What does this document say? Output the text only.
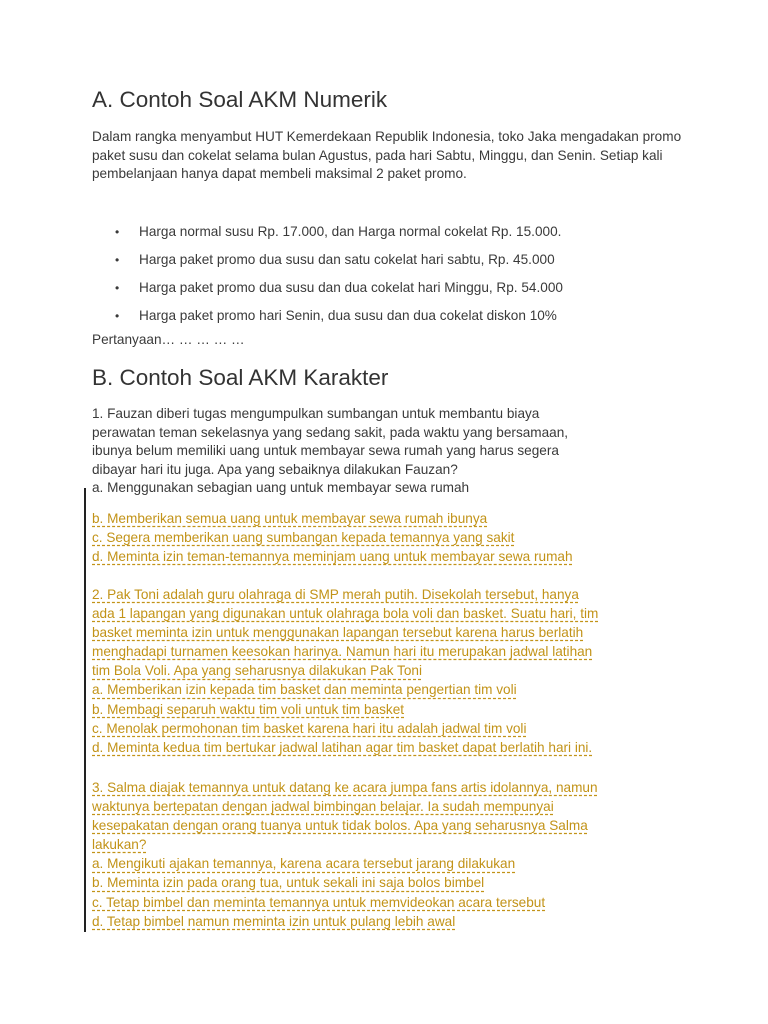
A. Contoh Soal AKM Numerik

Dalam rangka menyambut HUT Kemerdekaan Republik Indonesia, toko Jaka mengadakan promo paket susu dan cokelat selama bulan Agustus, pada hari Sabtu, Minggu, dan Senin. Setiap kali pembelanjaan hanya dapat membeli maksimal 2 paket promo.

• Harga normal susu Rp. 17.000, dan Harga normal cokelat Rp. 15.000.
• Harga paket promo dua susu dan satu cokelat hari sabtu, Rp. 45.000
• Harga paket promo dua susu dan dua cokelat hari Minggu, Rp. 54.000
• Harga paket promo hari Senin, dua susu dan dua cokelat diskon 10%

Pertanyaan… … … … …

B. Contoh Soal AKM Karakter
1. Fauzan diberi tugas mengumpulkan sumbangan untuk membantu biaya
perawatan teman sekelasnya yang sedang sakit, pada waktu yang bersamaan,
ibunya belum memiliki uang untuk membayar sewa rumah yang harus segera
dibayar hari itu juga. Apa yang sebaiknya dilakukan Fauzan?
a. Menggunakan sebagian uang untuk membayar sewa rumah
b. Memberikan semua uang untuk membayar sewa rumah ibunya
c. Segera memberikan uang sumbangan kepada temannya yang sakit
d. Meminta izin teman-temannya meminjam uang untuk membayar sewa rumah
2. Pak Toni adalah guru olahraga di SMP merah putih. Disekolah tersebut, hanya
ada 1 lapangan yang digunakan untuk olahraga bola voli dan basket. Suatu hari, tim
basket meminta izin untuk menggunakan lapangan tersebut karena harus berlatih
menghadapi turnamen keesokan harinya. Namun hari itu merupakan jadwal latihan
tim Bola Voli. Apa yang seharusnya dilakukan Pak Toni
a. Memberikan izin kepada tim basket dan meminta pengertian tim voli
b. Membagi separuh waktu tim voli untuk tim basket
c. Menolak permohonan tim basket karena hari itu adalah jadwal tim voli
d. Meminta kedua tim bertukar jadwal latihan agar tim basket dapat berlatih hari ini.
3. Salma diajak temannya untuk datang ke acara jumpa fans artis idolannya, namun
waktunya bertepatan dengan jadwal bimbingan belajar. Ia sudah mempunyai
kesepakatan dengan orang tuanya untuk tidak bolos. Apa yang seharusnya Salma
lakukan?
a. Mengikuti ajakan temannya, karena acara tersebut jarang dilakukan
b. Meminta izin pada orang tua, untuk sekali ini saja bolos bimbel
c. Tetap bimbel dan meminta temannya untuk memvideokan acara tersebut
d. Tetap bimbel namun meminta izin untuk pulang lebih awal
